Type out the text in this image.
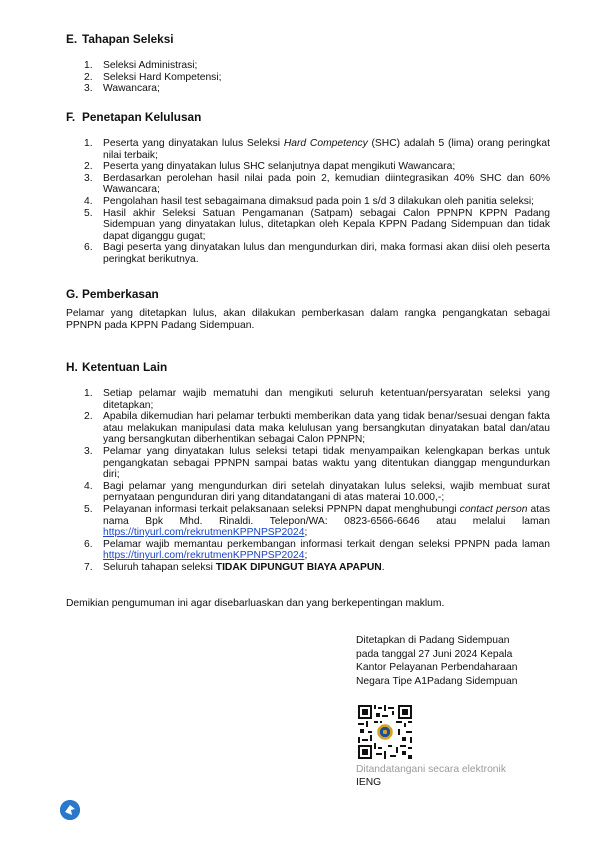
E. Tahapan Seleksi
1. Seleksi Administrasi;
2. Seleksi Hard Kompetensi;
3. Wawancara;
F. Penetapan Kelulusan
1. Peserta yang dinyatakan lulus Seleksi Hard Competency (SHC) adalah 5 (lima) orang peringkat nilai terbaik;
2. Peserta yang dinyatakan lulus SHC selanjutnya dapat mengikuti Wawancara;
3. Berdasarkan perolehan hasil nilai pada poin 2, kemudian diintegrasikan 40% SHC dan 60% Wawancara;
4. Pengolahan hasil test sebagaimana dimaksud pada poin 1 s/d 3 dilakukan oleh panitia seleksi;
5. Hasil akhir Seleksi Satuan Pengamanan (Satpam) sebagai Calon PPNPN KPPN Padang Sidempuan yang dinyatakan lulus, ditetapkan oleh Kepala KPPN Padang Sidempuan dan tidak dapat diganggu gugat;
6. Bagi peserta yang dinyatakan lulus dan mengundurkan diri, maka formasi akan diisi oleh peserta peringkat berikutnya.
G. Pemberkasan
Pelamar yang ditetapkan lulus, akan dilakukan pemberkasan dalam rangka pengangkatan sebagai PPNPN pada KPPN Padang Sidempuan.
H. Ketentuan Lain
1. Setiap pelamar wajib mematuhi dan mengikuti seluruh ketentuan/persyaratan seleksi yang ditetapkan;
2. Apabila dikemudian hari pelamar terbukti memberikan data yang tidak benar/sesuai dengan fakta atau melakukan manipulasi data maka kelulusan yang bersangkutan dinyatakan batal dan/atau yang bersangkutan diberhentikan sebagai Calon PPNPN;
3. Pelamar yang dinyatakan lulus seleksi tetapi tidak menyampaikan kelengkapan berkas untuk pengangkatan sebagai PPNPN sampai batas waktu yang ditentukan dianggap mengundurkan diri;
4. Bagi pelamar yang mengundurkan diri setelah dinyatakan lulus seleksi, wajib membuat surat pernyataan pengunduran diri yang ditandatangani di atas materai 10.000,-;
5. Pelayanan informasi terkait pelaksanaan seleksi PPNPN dapat menghubungi contact person atas nama Bpk Mhd. Rinaldi. Telepon/WA: 0823-6566-6646 atau melalui laman https://tinyurl.com/rekrutmenKPPNPSP2024;
6. Pelamar wajib memantau perkembangan informasi terkait dengan seleksi PPNPN pada laman https://tinyurl.com/rekrutmenKPPNPSP2024;
7. Seluruh tahapan seleksi TIDAK DIPUNGUT BIAYA APAPUN.
Demikian pengumuman ini agar disebarluaskan dan yang berkepentingan maklum.
Ditetapkan di Padang Sidempuan
pada tanggal 27 Juni 2024 Kepala
Kantor Pelayanan Perbendaharaan
Negara Tipe A1Padang Sidempuan
Ditandatangani secara elektronik
IENG
